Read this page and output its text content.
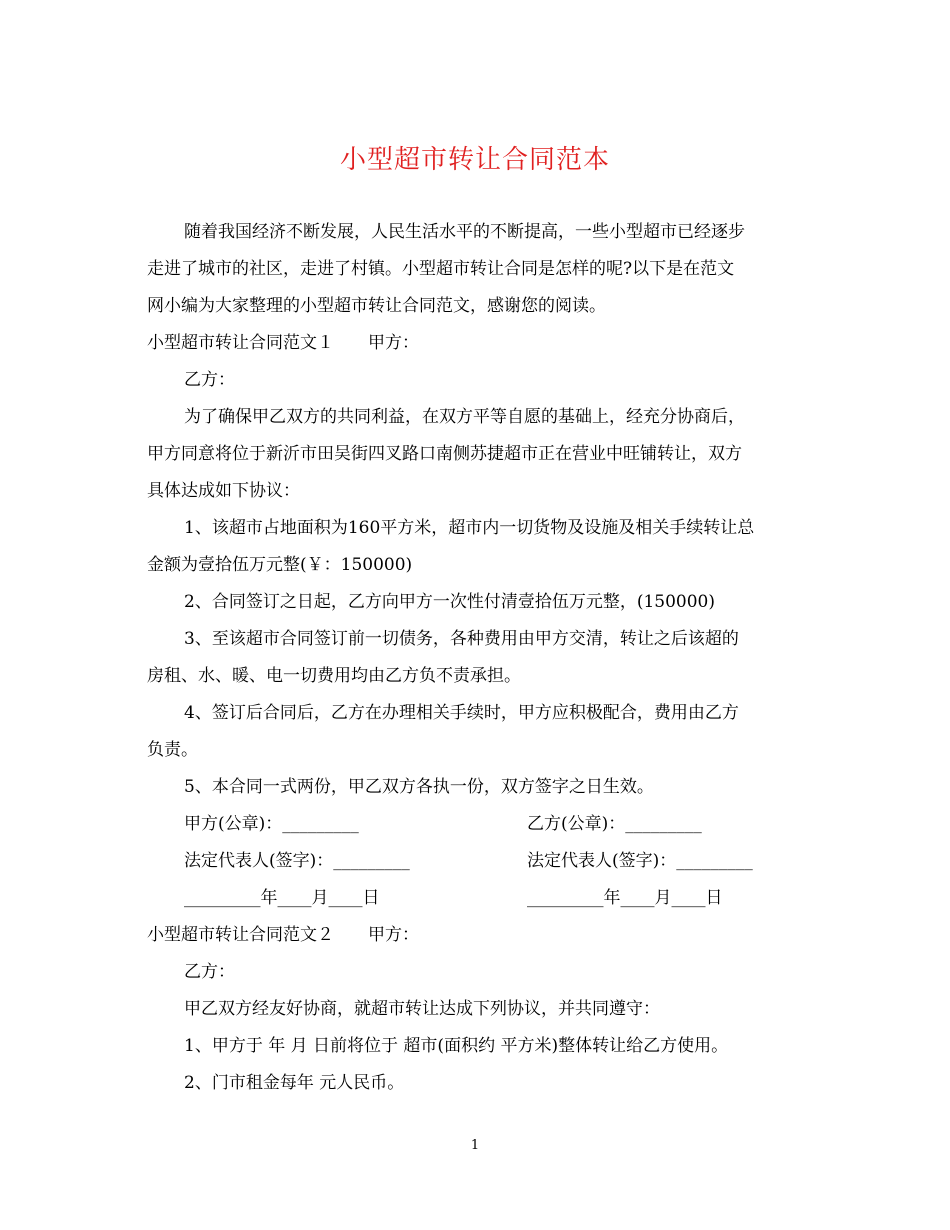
小型超市转让合同范本
随着我国经济不断发展，人民生活水平的不断提高，一些小型超市已经逐步
走进了城市的社区，走进了村镇。小型超市转让合同是怎样的呢?以下是在范文
网小编为大家整理的小型超市转让合同范文，感谢您的阅读。
小型超市转让合同范文１　　甲方：
乙方：
为了确保甲乙双方的共同利益，在双方平等自愿的基础上，经充分协商后，
甲方同意将位于新沂市田吴街四叉路口南侧苏捷超市正在营业中旺铺转让，双方
具体达成如下协议：
1、该超市占地面积为160平方米，超市内一切货物及设施及相关手续转让总
金额为壹拾伍万元整(￥：150000)
2、合同签订之日起，乙方向甲方一次性付清壹拾伍万元整，(150000)
3、至该超市合同签订前一切债务，各种费用由甲方交清，转让之后该超的
房租、水、暖、电一切费用均由乙方负不责承担。
4、签订后合同后，乙方在办理相关手续时，甲方应积极配合，费用由乙方
负责。
5、本合同一式两份，甲乙双方各执一份，双方签字之日生效。
甲方(公章)：_________	乙方(公章)：_________
法定代表人(签字)：_________	法定代表人(签字)：_________
_________年____月____日	_________年____月____日
小型超市转让合同范文２　　甲方：
乙方：
甲乙双方经友好协商，就超市转让达成下列协议，并共同遵守：
1、甲方于 年 月 日前将位于 超市(面积约 平方米)整体转让给乙方使用。
2、门市租金每年 元人民币。
1
